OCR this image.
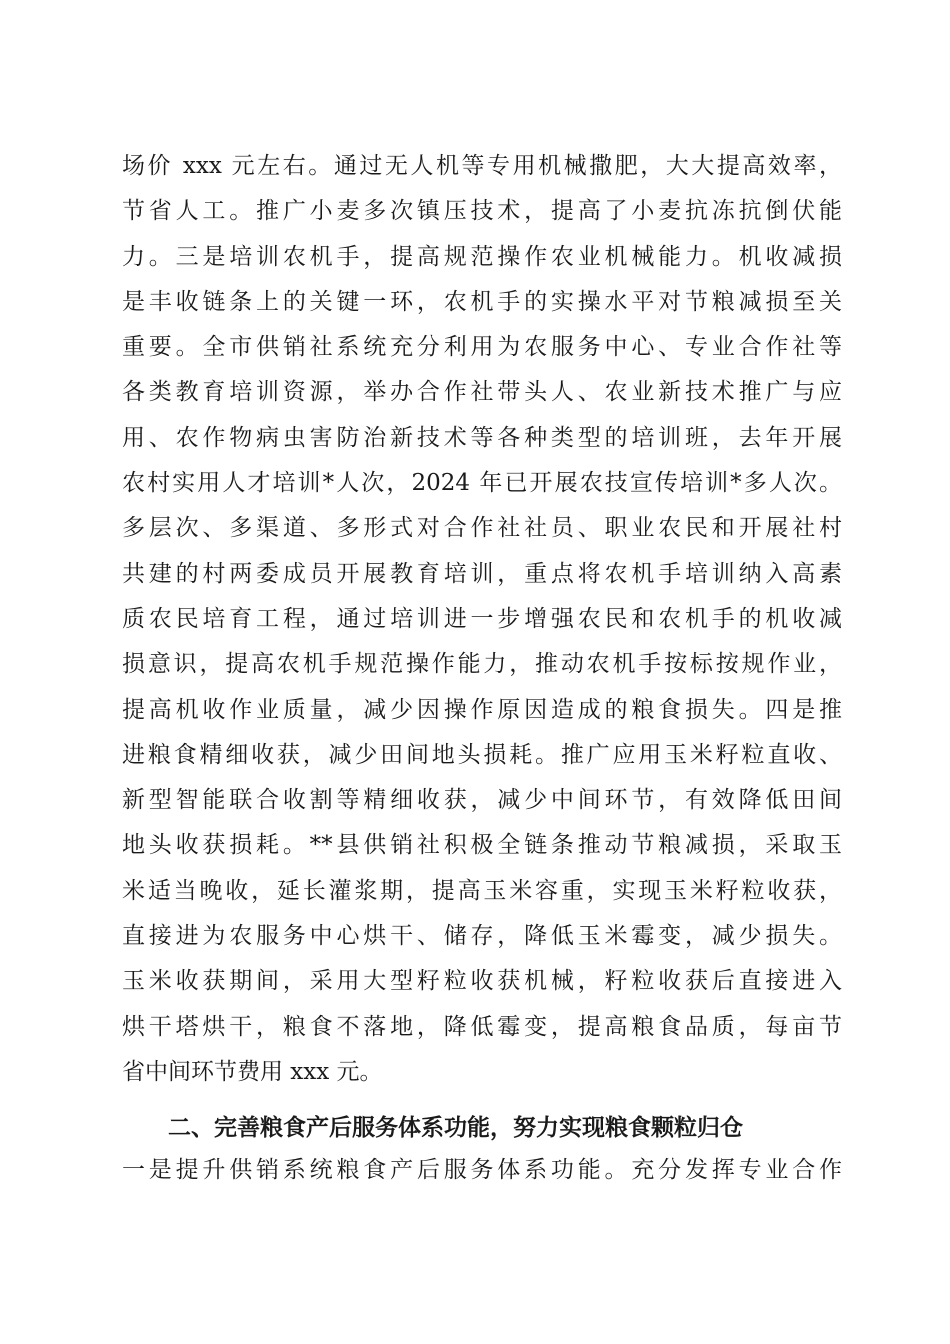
场价 xxx 元左右。通过无人机等专用机械撒肥，大大提高效率，
节省人工。推广小麦多次镇压技术，提高了小麦抗冻抗倒伏能
力。三是培训农机手，提高规范操作农业机械能力。机收减损
是丰收链条上的关键一环，农机手的实操水平对节粮减损至关
重要。全市供销社系统充分利用为农服务中心、专业合作社等
各类教育培训资源，举办合作社带头人、农业新技术推广与应
用、农作物病虫害防治新技术等各种类型的培训班，去年开展
农村实用人才培训*人次，2024 年已开展农技宣传培训*多人次。
多层次、多渠道、多形式对合作社社员、职业农民和开展社村
共建的村两委成员开展教育培训，重点将农机手培训纳入高素
质农民培育工程，通过培训进一步增强农民和农机手的机收减
损意识，提高农机手规范操作能力，推动农机手按标按规作业，
提高机收作业质量，减少因操作原因造成的粮食损失。四是推
进粮食精细收获，减少田间地头损耗。推广应用玉米籽粒直收、
新型智能联合收割等精细收获，减少中间环节，有效降低田间
地头收获损耗。**县供销社积极全链条推动节粮减损，采取玉
米适当晚收，延长灌浆期，提高玉米容重，实现玉米籽粒收获，
直接进为农服务中心烘干、储存，降低玉米霉变，减少损失。
玉米收获期间，采用大型籽粒收获机械，籽粒收获后直接进入
烘干塔烘干，粮食不落地，降低霉变，提高粮食品质，每亩节
省中间环节费用 xxx 元。
二、完善粮食产后服务体系功能，努力实现粮食颗粒归仓
一是提升供销系统粮食产后服务体系功能。充分发挥专业合作
